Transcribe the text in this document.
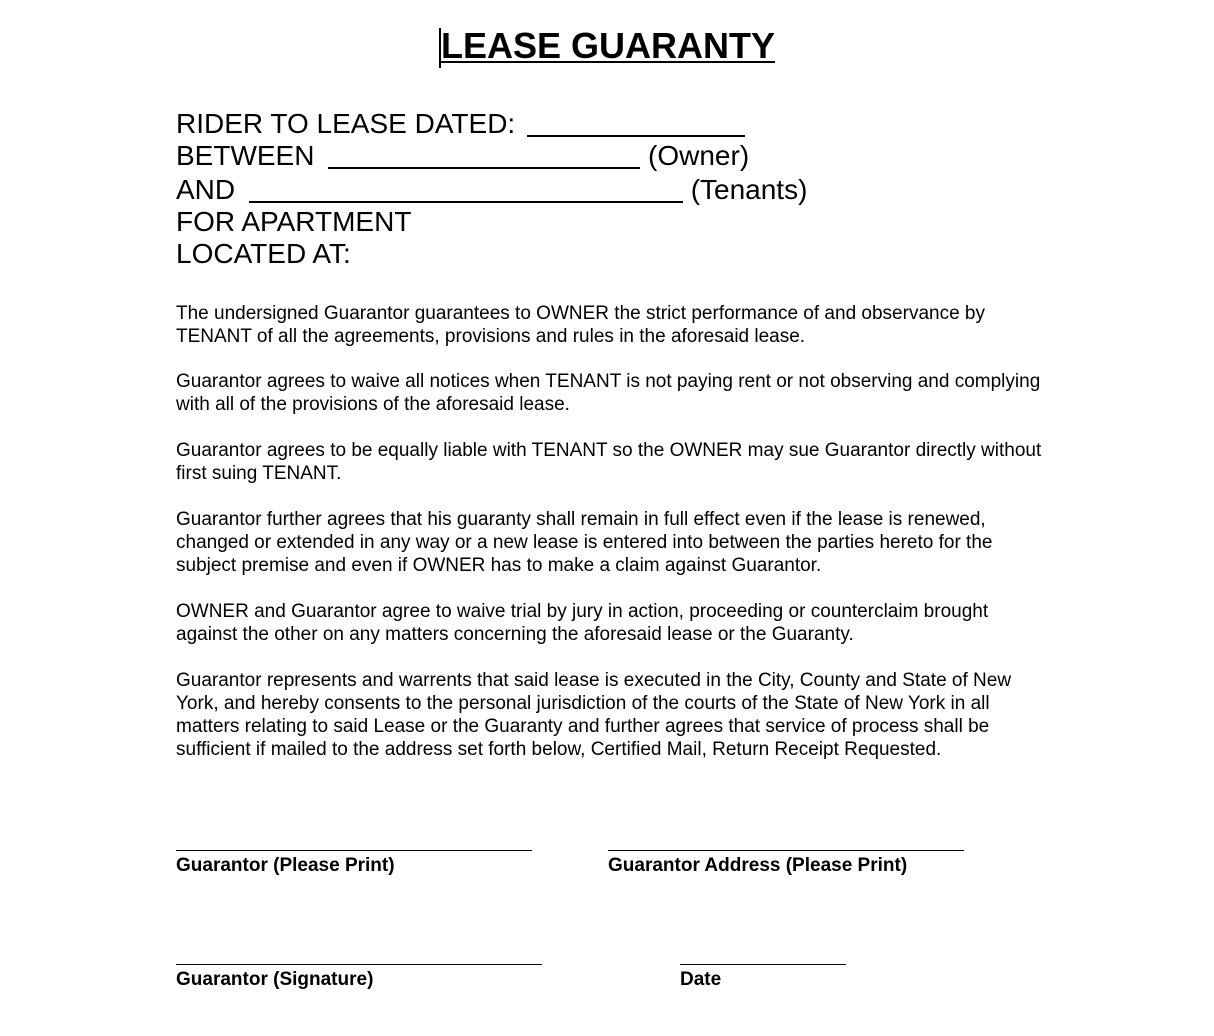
LEASE GUARANTY
RIDER TO LEASE DATED:
BETWEEN	(Owner)
AND	(Tenants)
FOR APARTMENT
LOCATED AT:
The undersigned Guarantor guarantees to OWNER the strict performance of and observance by TENANT of all the agreements, provisions and rules in the aforesaid lease.
Guarantor agrees to waive all notices when TENANT is not paying rent or not observing and complying with all of the provisions of the aforesaid lease.
Guarantor agrees to be equally liable with TENANT so the OWNER may sue Guarantor directly without first suing TENANT.
Guarantor further agrees that his guaranty shall remain in full effect even if the lease is renewed, changed or extended in any way or a new lease is entered into between the parties hereto for the subject premise and even if OWNER has to make a claim against Guarantor.
OWNER and Guarantor agree to waive trial by jury in action, proceeding or counterclaim brought against the other on any matters concerning the aforesaid lease or the Guaranty.
Guarantor represents and warrents that said lease is executed in the City, County and State of New York, and hereby consents to the personal jurisdiction of the courts of the State of New York in all matters relating to said Lease or the Guaranty and further agrees that service of process shall be sufficient if mailed to the address set forth below, Certified Mail, Return Receipt Requested.
Guarantor (Please Print)	Guarantor Address (Please Print)
Guarantor (Signature)	Date
